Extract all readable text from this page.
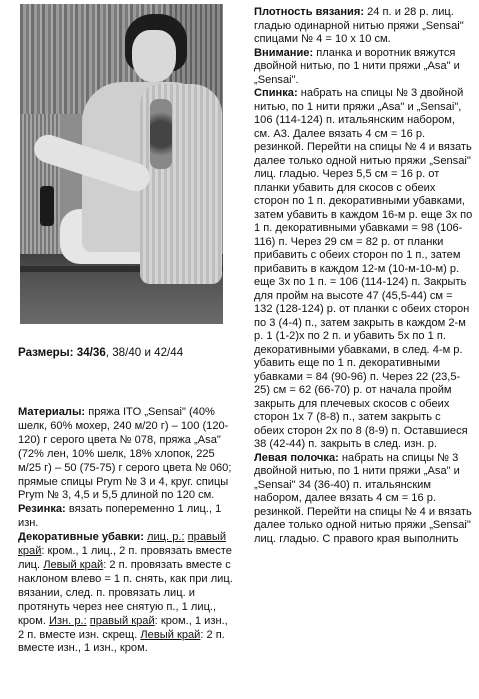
Размеры: 34/36, 38/40 и 42/44

Материалы: пряжа ITO „Sensai" (40% шелк, 60% мохер, 240 м/20 г) – 100 (120-120) г серого цвета № 078, пряжа „Asa" (72% лен, 10% шелк, 18% хлопок, 225 м/25 г) – 50 (75-75) г серого цвета № 060; прямые спицы Prym № 3 и 4, круг. спицы Prym № 3, 4,5 и 5,5 длиной по 120 см.

Резинка: вязать попеременно 1 лиц., 1 изн.

Декоративные убавки: лиц. р.: правый край: кром., 1 лиц., 2 п. провязать вместе лиц. Левый край: 2 п. провязать вместе с наклоном влево = 1 п. снять, как при лиц. вязании, след. п. провязать лиц. и протянуть через нее снятую п., 1 лиц., кром. Изн. р.: правый край: кром., 1 изн., 2 п. вместе изн. скрещ. Левый край: 2 п. вместе изн., 1 изн., кром.

Плотность вязания: 24 п. и 28 р. лиц. гладью одинарной нитью пряжи „Sensai" спицами № 4 = 10 х 10 см.

Внимание: планка и воротник вяжутся двойной нитью, по 1 нити пряжи „Asa" и „Sensai".

Спинка: набрать на спицы № 3 двойной нитью, по 1 нити пряжи „Asa" и „Sensai", 106 (114-124) п. итальянским набором, см. А3. Далее вязать 4 см = 16 р. резинкой. Перейти на спицы № 4 и вязать далее только одной нитью пряжи „Sensai" лиц. гладью. Через 5,5 см = 16 р. от планки убавить для скосов с обеих сторон по 1 п. декоративными убавками, затем убавить в каждом 16-м р. еще 3х по 1 п. декоративными убавками = 98 (106-116) п. Через 29 см = 82 р. от планки прибавить с обеих сторон по 1 п., затем прибавить в каждом 12-м (10-м-10-м) р. еще 3х по 1 п. = 106 (114-124) п. Закрыть для пройм на высоте 47 (45,5-44) см = 132 (128-124) р. от планки с обеих сторон по 3 (4-4) п., затем закрыть в каждом 2-м р. 1 (1-2)х по 2 п. и убавить 5х по 1 п. декоративными убавками, в след. 4-м р. убавить еще по 1 п. декоративными убавками = 84 (90-96) п. Через 22 (23,5-25) см = 62 (66-70) р. от начала пройм закрыть для плечевых скосов с обеих сторон 1х 7 (8-8) п., затем закрыть с обеих сторон 2х по 8 (8-9) п. Оставшиеся 38 (42-44) п. закрыть в след. изн. р.

Левая полочка: набрать на спицы № 3 двойной нитью, по 1 нити пряжи „Asa" и „Sensai" 34 (36-40) п. итальянским набором, далее вязать 4 см = 16 р. резинкой. Перейти на спицы № 4 и вязать далее только одной нитью пряжи „Sensai" лиц. гладью. С правого края выполнить
